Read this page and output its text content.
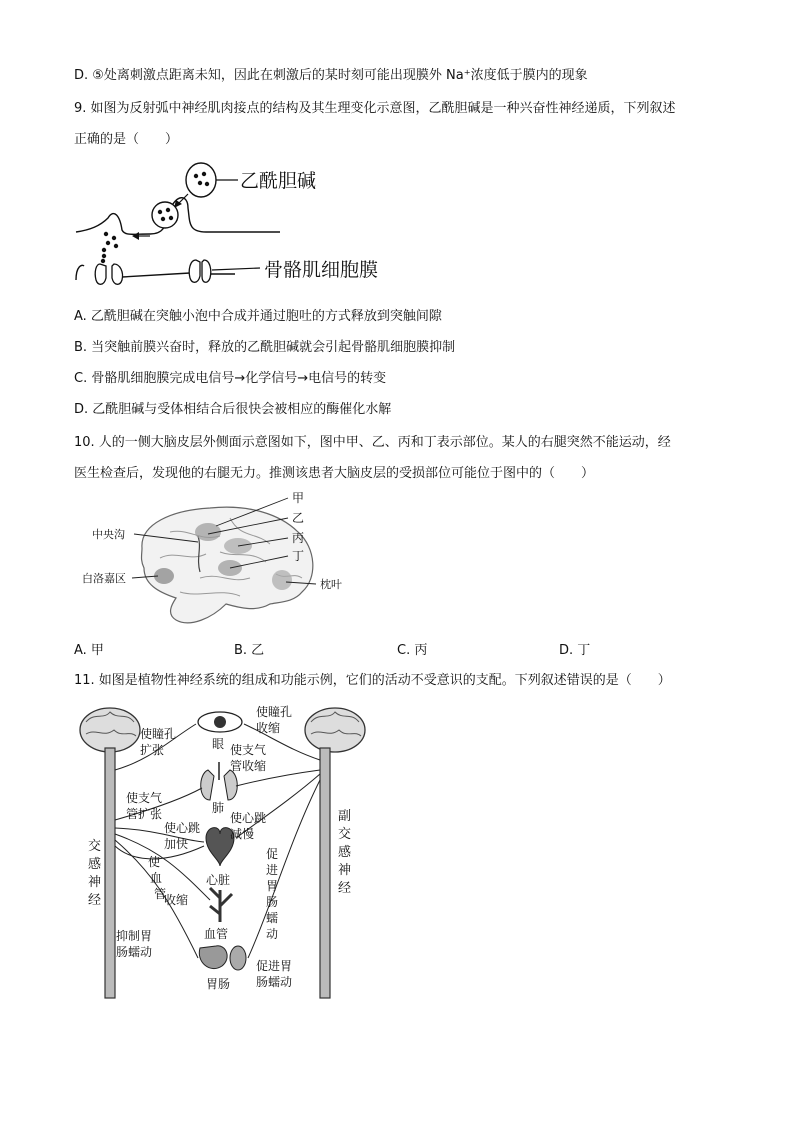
D. ⑤处离刺激点距离未知，因此在刺激后的某时刻可能出现膜外 Na⁺浓度低于膜内的现象
9. 如图为反射弧中神经肌肉接点的结构及其生理变化示意图，乙酰胆碱是一种兴奋性神经递质，下列叙述
正确的是（　　）
乙酰胆碱
骨骼肌细胞膜
A. 乙酰胆碱在突触小泡中合成并通过胞吐的方式释放到突触间隙
B. 当突触前膜兴奋时，释放的乙酰胆碱就会引起骨骼肌细胞膜抑制
C. 骨骼肌细胞膜完成电信号→化学信号→电信号的转变
D. 乙酰胆碱与受体相结合后很快会被相应的酶催化水解
10. 人的一侧大脑皮层外侧面示意图如下，图中甲、乙、丙和丁表示部位。某人的右腿突然不能运动，经
医生检查后，发现他的右腿无力。推测该患者大脑皮层的受损部位可能位于图中的（　　）
甲
乙
丙
丁
中央沟
白洛嘉区	枕叶
A. 甲	B. 乙	C. 丙	D. 丁
11. 如图是植物性神经系统的组成和功能示例，它们的活动不受意识的支配。下列叙述错误的是（　　）
交
感
神
经
副
交
感
神
经
使瞳孔
扩张
使瞳孔
收缩
眼 使支气
管收缩
使支气
管扩张	肺
使心跳
加快
使心跳
减慢
心脏
使
血
管
收缩
血管
促
进
胃
肠
蠕
动
抑制胃
肠蠕动
促进胃
肠蠕动
胃肠
